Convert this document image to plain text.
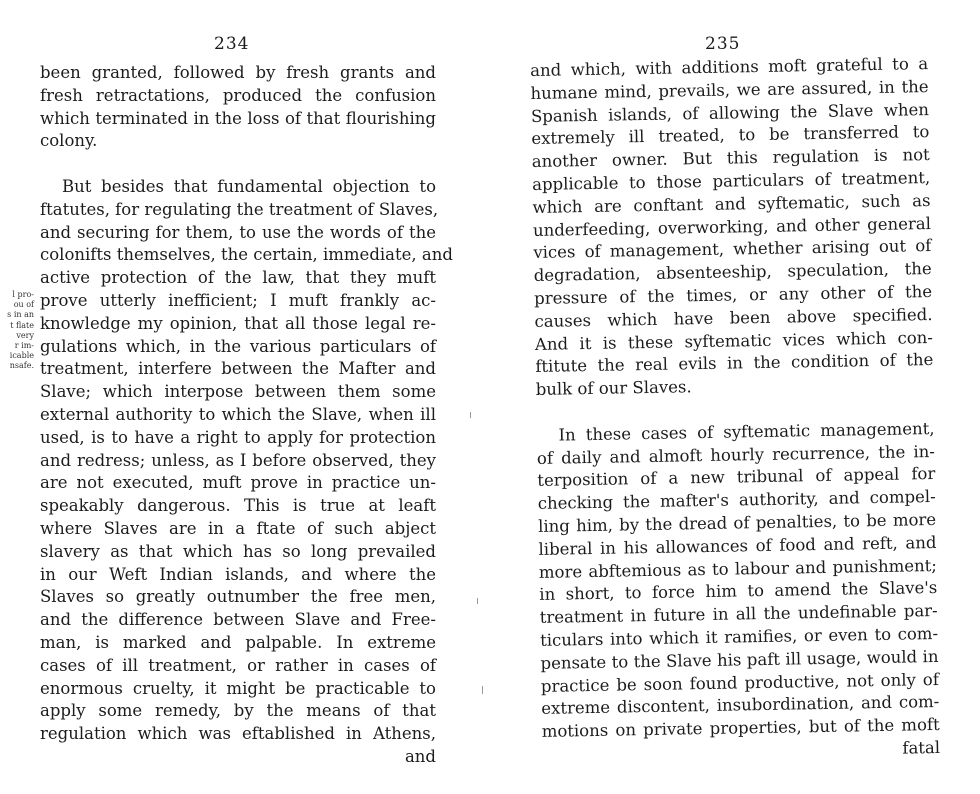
234	235
l pro-
ou of
s in an
t flate
very
r im-
icable
nsafe.
been granted, followed by fresh grants and
fresh retractations, produced the confusion
which terminated in the loss of that flourishing
colony.
But besides that fundamental objection to
ftatutes, for regulating the treatment of Slaves,
and securing for them, to use the words of the
colonifts themselves, the certain, immediate, and
active protection of the law, that they muft
prove utterly inefficient; I muft frankly ac-
knowledge my opinion, that all those legal re-
gulations which, in the various particulars of
treatment, interfere between the Mafter and
Slave; which interpose between them some
external authority to which the Slave, when ill
used, is to have a right to apply for protection
and redress; unless, as I before observed, they
are not executed, muft prove in practice un-
speakably dangerous. This is true at leaft
where Slaves are in a ftate of such abject
slavery as that which has so long prevailed
in our Weft Indian islands, and where the
Slaves so greatly outnumber the free men,
and the difference between Slave and Free-
man, is marked and palpable. In extreme
cases of ill treatment, or rather in cases of
enormous cruelty, it might be practicable to
apply some remedy, by the means of that
regulation which was eftablished in Athens,
and
and which, with additions moft grateful to a
humane mind, prevails, we are assured, in the
Spanish islands, of allowing the Slave when
extremely ill treated, to be transferred to
another owner. But this regulation is not
applicable to those particulars of treatment,
which are conftant and syftematic, such as
underfeeding, overworking, and other general
vices of management, whether arising out of
degradation, absenteeship, speculation, the
pressure of the times, or any other of the
causes which have been above specified.
And it is these syftematic vices which con-
ftitute the real evils in the condition of the
bulk of our Slaves.
In these cases of syftematic management,
of daily and almoft hourly recurrence, the in-
terposition of a new tribunal of appeal for
checking the mafter's authority, and compel-
ling him, by the dread of penalties, to be more
liberal in his allowances of food and reft, and
more abftemious as to labour and punishment;
in short, to force him to amend the Slave's
treatment in future in all the undefinable par-
ticulars into which it ramifies, or even to com-
pensate to the Slave his paft ill usage, would in
practice be soon found productive, not only of
extreme discontent, insubordination, and com-
motions on private properties, but of the moft
fatal
